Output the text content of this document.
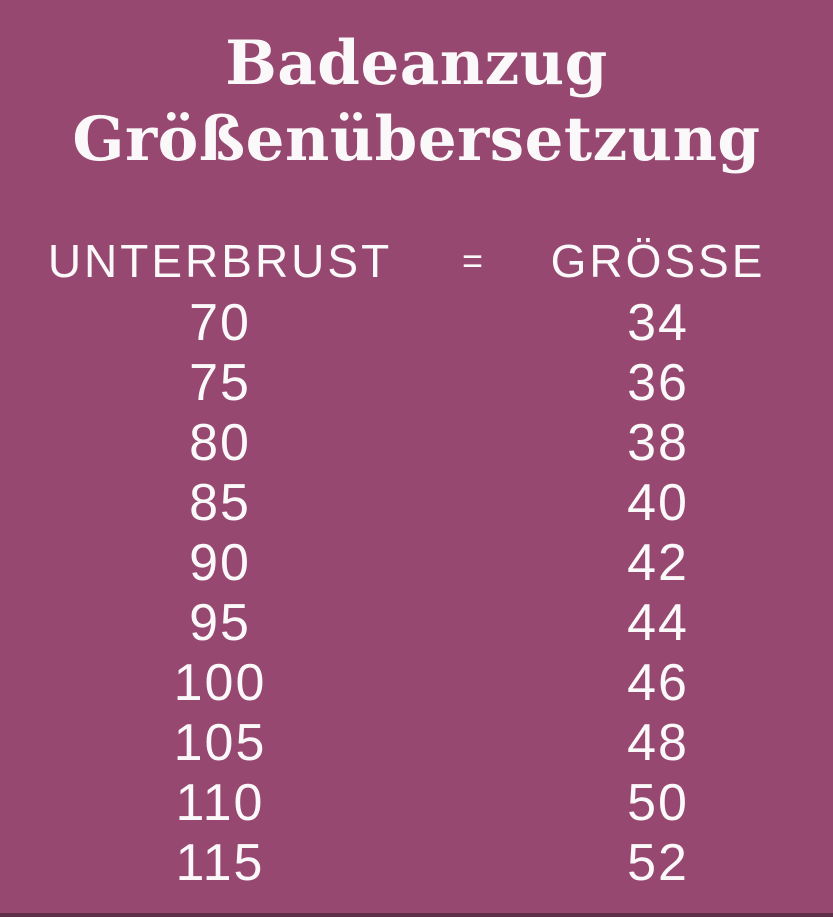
Badeanzug
Größenübersetzung
UNTERBRUST	=	GRÖSSE
70	34
75	36
80	38
85	40
90	42
95	44
100	46
105	48
110	50
115	52
